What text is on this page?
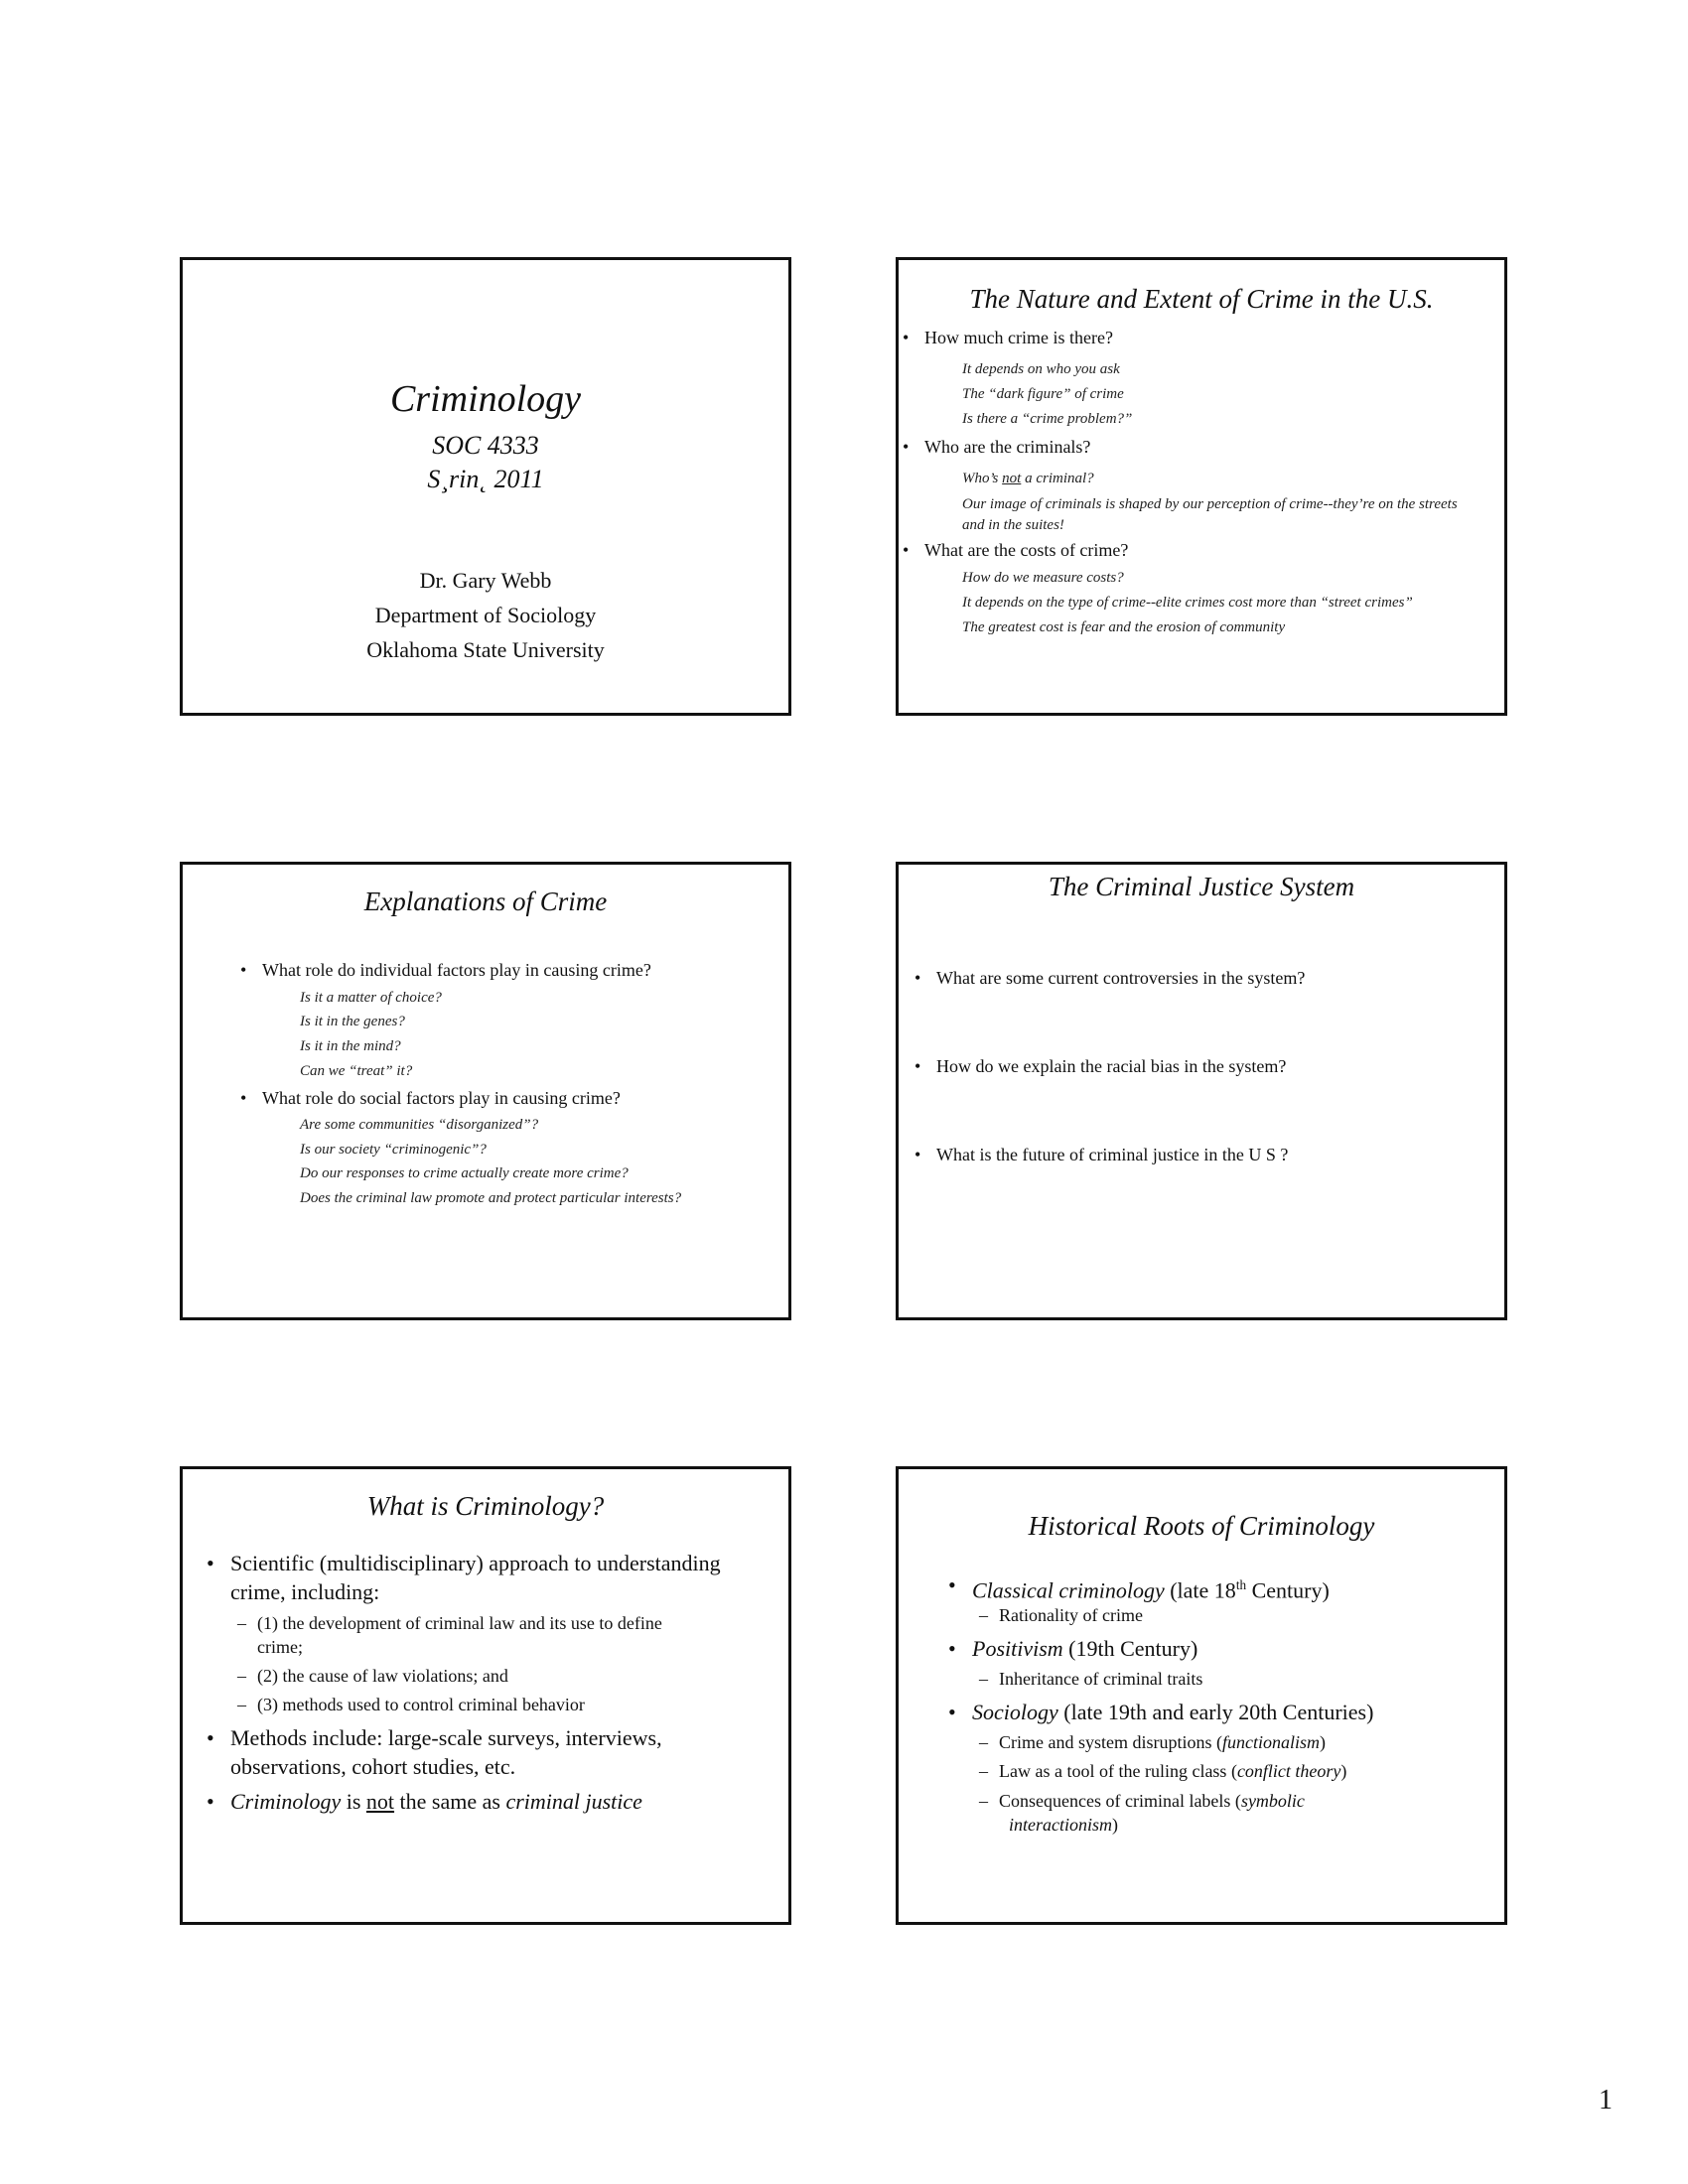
Criminology
SOC 4333
S¸rin˛ 2011
Dr. Gary Webb
Department of Sociology
Oklahoma State University
The Nature and Extent of Crime in the U.S.
• How much crime is there?
It depends on who you ask
The “dark figure” of crime
Is there a “crime problem?”
• Who are the criminals?
Who’s not a criminal?
Our image of criminals is shaped by our perception of crime--they’re on the streets and in the suites!
• What are the costs of crime?
How do we measure costs?
It depends on the type of crime--elite crimes cost more than “street crimes”
The greatest cost is fear and the erosion of community
Explanations of Crime
• What role do individual factors play in causing crime?
Is it a matter of choice?
Is it in the genes?
Is it in the mind?
Can we “treat” it?
• What role do social factors play in causing crime?
Are some communities “disorganized”?
Is our society “criminogenic”?
Do our responses to crime actually create more crime?
Does the criminal law promote and protect particular interests?
The Criminal Justice System
• What are some current controversies in the system?
• How do we explain the racial bias in the system?
• What is the future of criminal justice in the U S ?
What is Criminology?
• Scientific (multidisciplinary) approach to understanding
crime, including:
– (1) the development of criminal law and its use to define
crime;
– (2) the cause of law violations; and
– (3) methods used to control criminal behavior
• Methods include: large-scale surveys, interviews,
observations, cohort studies, etc.
• Criminology is not the same as criminal justice
Historical Roots of Criminology
• Classical criminology (late 18th Century)
– Rationality of crime
• Positivism (19th Century)
– Inheritance of criminal traits
• Sociology (late 19th and early 20th Centuries)
– Crime and system disruptions (functionalism)
– Law as a tool of the ruling class (conflict theory)
– Consequences of criminal labels (symbolic
interactionism)
1
